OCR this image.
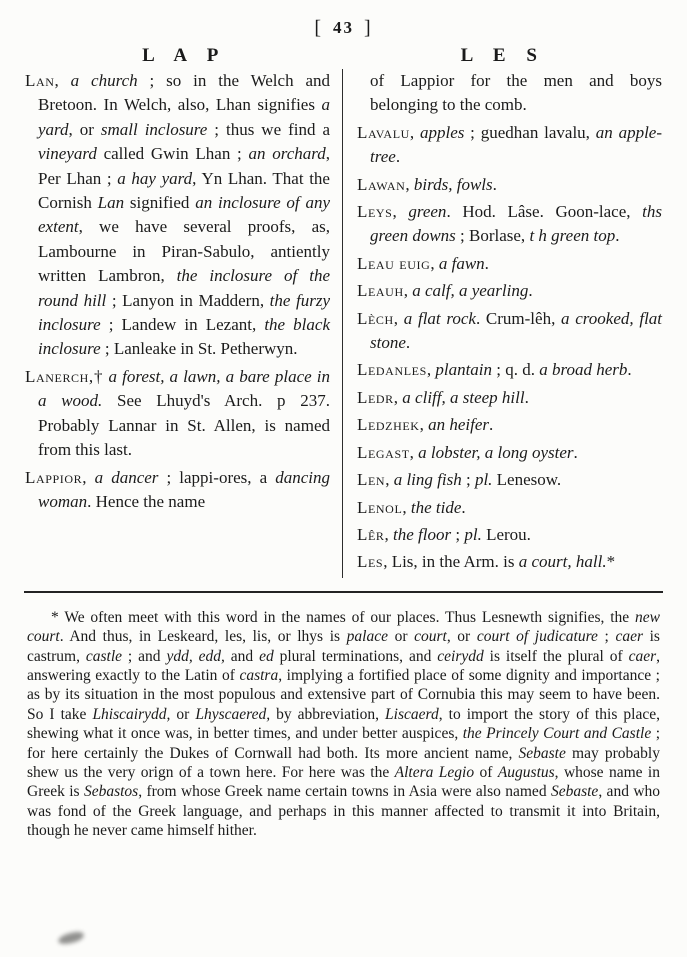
[ 43 ]
L A P	L E S

Lan, a church ; so in the Welch and Bretoon. In Welch, also, Lhan signifies a yard, or small inclosure ; thus we find a vineyard called Gwin Lhan ; an orchard, Per Lhan ; a hay yard, Yn Lhan. That the Cornish Lan signified an inclosure of any extent, we have several proofs, as, Lambourne in Piran-Sabulo, antiently written Lambron, the inclosure of the round hill ; Lanyon in Maddern, the furzy inclosure ; Landew in Lezant, the black inclosure ; Lanleake in St. Petherwyn.

Lanerch,† a forest, a lawn, a bare place in a wood. See Lhuyd's Arch. p 237. Probably Lannar in St. Allen, is named from this last.

Lappior, a dancer ; lappi-ores, a dancing woman. Hence the name

of Lappior for the men and boys belonging to the comb.

Lavalu, apples ; guedhan lavalu, an apple-tree.

Lawan, birds, fowls.

Leys, green. Hod. Lâse. Goon-lace, ths green downs ; Borlase, t h green top.

Leau euig, a fawn.

Leauh, a calf, a yearling.

Lèch, a flat rock. Crum-lêh, a crooked, flat stone.

Ledanles, plantain ; q. d. a broad herb.

Ledr, a cliff, a steep hill.

Ledzhek, an heifer.

Legast, a lobster, a long oyster.

Len, a ling fish ; pl. Lenesow.

Lenol, the tide.

Lêr, the floor ; pl. Lerou.

Les, Lis, in the Arm. is a court, hall.*

* We often meet with this word in the names of our places. Thus Lesnewth signifies, the new court. And thus, in Leskeard, les, lis, or lhys is palace or court, or court of judicature ; caer is castrum, castle ; and ydd, edd, and ed plural terminations, and ceirydd is itself the plural of caer, answering exactly to the Latin of castra, implying a fortified place of some dignity and importance ; as by its situation in the most populous and extensive part of Cornubia this may seem to have been. So I take Lhiscairydd, or Lhyscaered, by abbreviation, Liscaerd, to import the story of this place, shewing what it once was, in better times, and under better auspices, the Princely Court and Castle ; for here certainly the Dukes of Cornwall had both. Its more ancient name, Sebaste may probably shew us the very orign of a town here. For here was the Altera Legio of Augustus, whose name in Greek is Sebastos, from whose Greek name certain towns in Asia were also named Sebaste, and who was fond of the Greek language, and perhaps in this manner affected to transmit it into Britain, though he never came himself hither.
